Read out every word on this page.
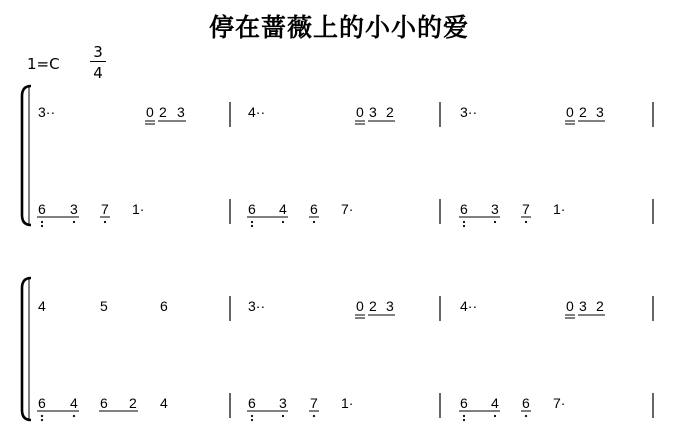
停在蔷薇上的小小的爱
1=C
3
4
3··	0 2 3	4··	0 3 2	3··	0 2 3
6 3 7 1·	6 4 6 7·	6 3 7 1·
4	5	6	3··	0 2 3	4··	0 3 2
6 4 6 2 4	6 3 7 1·	6 4 6 7·
